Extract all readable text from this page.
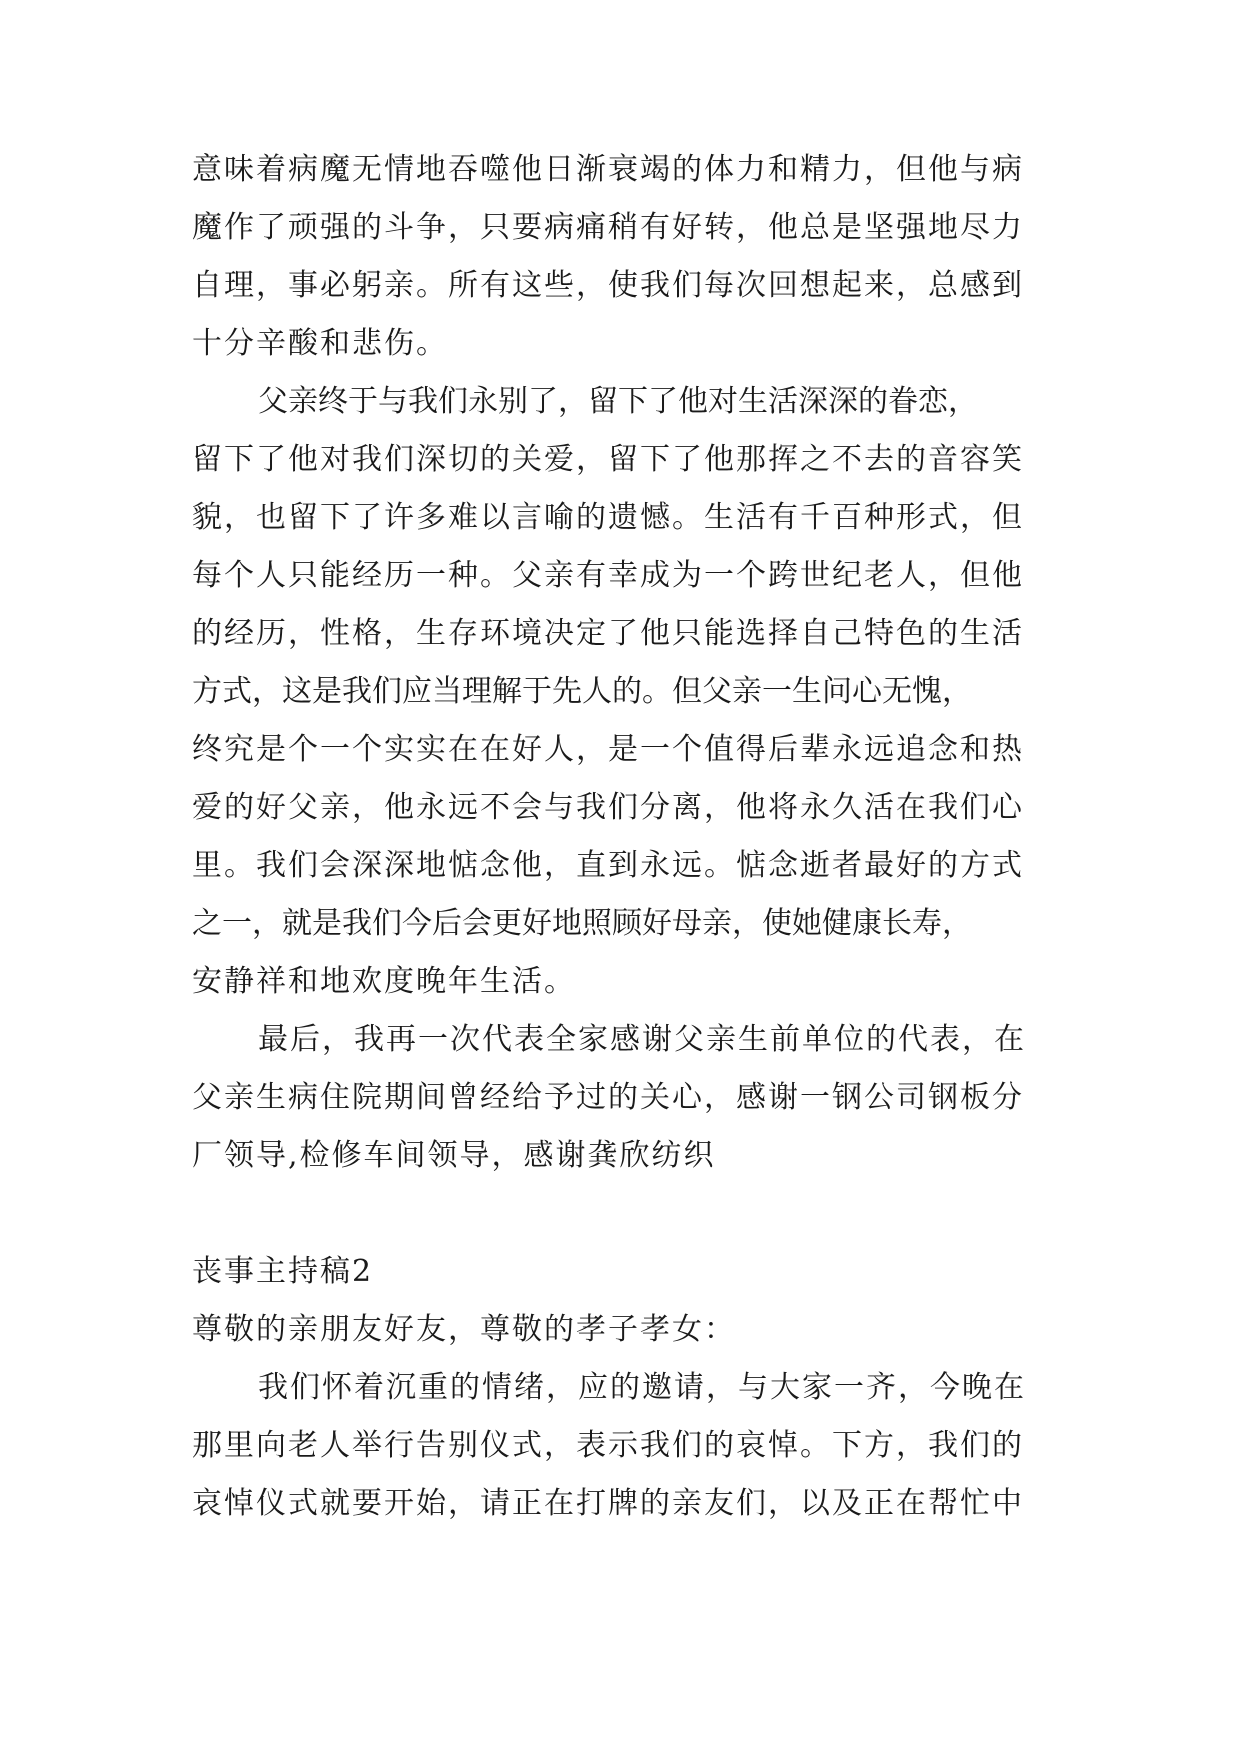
意味着病魔无情地吞噬他日渐衰竭的体力和精力，但他与病
魔作了顽强的斗争，只要病痛稍有好转，他总是坚强地尽力
自理，事必躬亲。所有这些，使我们每次回想起来，总感到
十分辛酸和悲伤。
父亲终于与我们永别了，留下了他对生活深深的眷恋，
留下了他对我们深切的关爱，留下了他那挥之不去的音容笑
貌，也留下了许多难以言喻的遗憾。生活有千百种形式，但
每个人只能经历一种。父亲有幸成为一个跨世纪老人，但他
的经历，性格，生存环境决定了他只能选择自己特色的生活
方式，这是我们应当理解于先人的。但父亲一生问心无愧，
终究是个一个实实在在好人，是一个值得后辈永远追念和热
爱的好父亲，他永远不会与我们分离，他将永久活在我们心
里。我们会深深地惦念他，直到永远。惦念逝者最好的方式
之一，就是我们今后会更好地照顾好母亲，使她健康长寿，
安静祥和地欢度晚年生活。
最后，我再一次代表全家感谢父亲生前单位的代表，在
父亲生病住院期间曾经给予过的关心，感谢一钢公司钢板分
厂领导,检修车间领导，感谢龚欣纺织
丧事主持稿2
尊敬的亲朋友好友，尊敬的孝子孝女：
我们怀着沉重的情绪，应的邀请，与大家一齐，今晚在
那里向老人举行告别仪式，表示我们的哀悼。下方，我们的
哀悼仪式就要开始，请正在打牌的亲友们，以及正在帮忙中
